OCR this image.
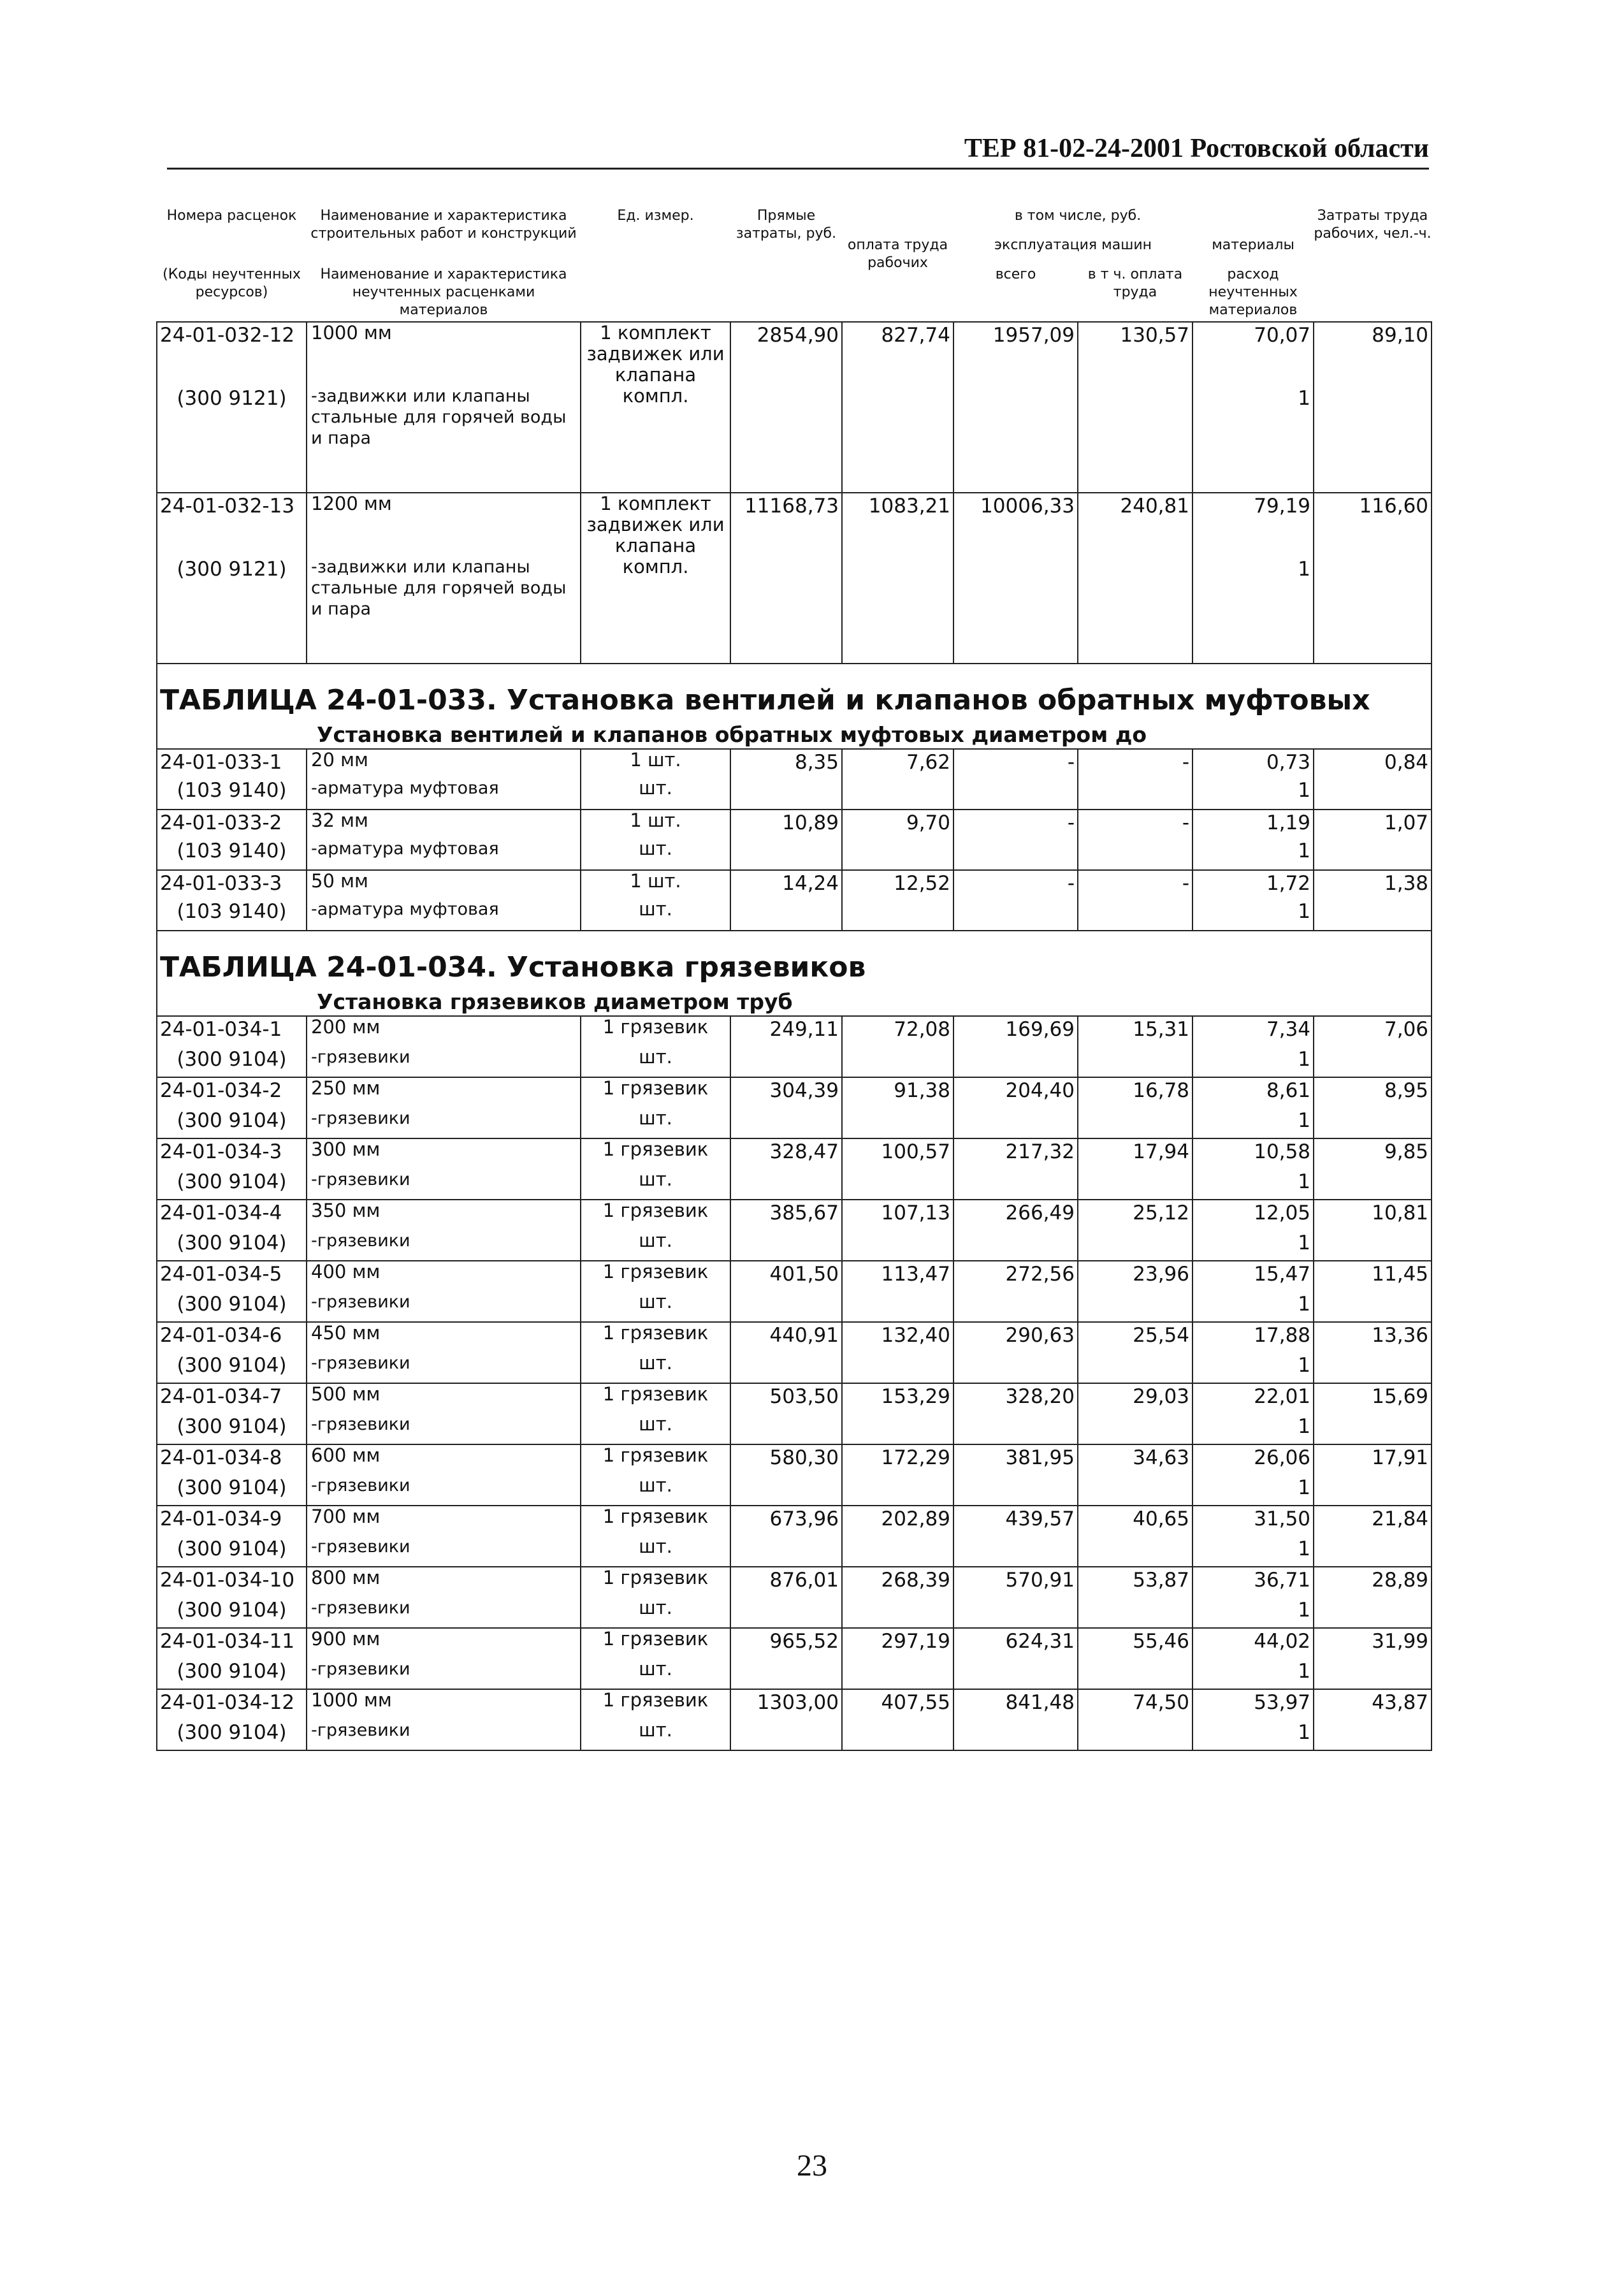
ТЕР 81-02-24-2001 Ростовской области
Номера расценок	Наименование и характеристика строительных работ и конструкций	Ед. измер.	Прямые затраты, руб.	в том числе, руб.				Затраты труда рабочих, чел.-ч.
				оплата труда рабочих	эксплуатация машин		материалы	
(Коды неучтенных ресурсов)	Наименование и характеристика неучтенных расценками материалов				всего	в т ч. оплата труда	расход неучтенных материалов	

24-01-032-12	1000 мм	1 комплект задвижек или клапана	2854,90	827,74	1957,09	130,57	70,07	89,10
(300 9121)	-задвижки или клапаны стальные для горячей воды и пара	компл.					1	
24-01-032-13	1200 мм	1 комплект задвижек или клапана	11168,73	1083,21	10006,33	240,81	79,19	116,60
(300 9121)	-задвижки или клапаны стальные для горячей воды и пара	компл.					1	

ТАБЛИЦА 24-01-033. Установка вентилей и клапанов обратных муфтовых								
Установка вентилей и клапанов обратных муфтовых диаметром до								
24-01-033-1	20 мм	1 шт.	8,35	7,62	-	-	0,73	0,84
(103 9140)	-арматура муфтовая	шт.					1	
24-01-033-2	32 мм	1 шт.	10,89	9,70	-	-	1,19	1,07
(103 9140)	-арматура муфтовая	шт.					1	
24-01-033-3	50 мм	1 шт.	14,24	12,52	-	-	1,72	1,38
(103 9140)	-арматура муфтовая	шт.					1	

ТАБЛИЦА 24-01-034. Установка грязевиков								
Установка грязевиков диаметром труб								
24-01-034-1	200 мм	1 грязевик	249,11	72,08	169,69	15,31	7,34	7,06
(300 9104)	-грязевики	шт.					1	
24-01-034-2	250 мм	1 грязевик	304,39	91,38	204,40	16,78	8,61	8,95
(300 9104)	-грязевики	шт.					1	
24-01-034-3	300 мм	1 грязевик	328,47	100,57	217,32	17,94	10,58	9,85
(300 9104)	-грязевики	шт.					1	
24-01-034-4	350 мм	1 грязевик	385,67	107,13	266,49	25,12	12,05	10,81
(300 9104)	-грязевики	шт.					1	
24-01-034-5	400 мм	1 грязевик	401,50	113,47	272,56	23,96	15,47	11,45
(300 9104)	-грязевики	шт.					1	
24-01-034-6	450 мм	1 грязевик	440,91	132,40	290,63	25,54	17,88	13,36
(300 9104)	-грязевики	шт.					1	
24-01-034-7	500 мм	1 грязевик	503,50	153,29	328,20	29,03	22,01	15,69
(300 9104)	-грязевики	шт.					1	
24-01-034-8	600 мм	1 грязевик	580,30	172,29	381,95	34,63	26,06	17,91
(300 9104)	-грязевики	шт.					1	
24-01-034-9	700 мм	1 грязевик	673,96	202,89	439,57	40,65	31,50	21,84
(300 9104)	-грязевики	шт.					1	
24-01-034-10	800 мм	1 грязевик	876,01	268,39	570,91	53,87	36,71	28,89
(300 9104)	-грязевики	шт.					1	
24-01-034-11	900 мм	1 грязевик	965,52	297,19	624,31	55,46	44,02	31,99
(300 9104)	-грязевики	шт.					1	
24-01-034-12	1000 мм	1 грязевик	1303,00	407,55	841,48	74,50	53,97	43,87
(300 9104)	-грязевики	шт.					1	
23
